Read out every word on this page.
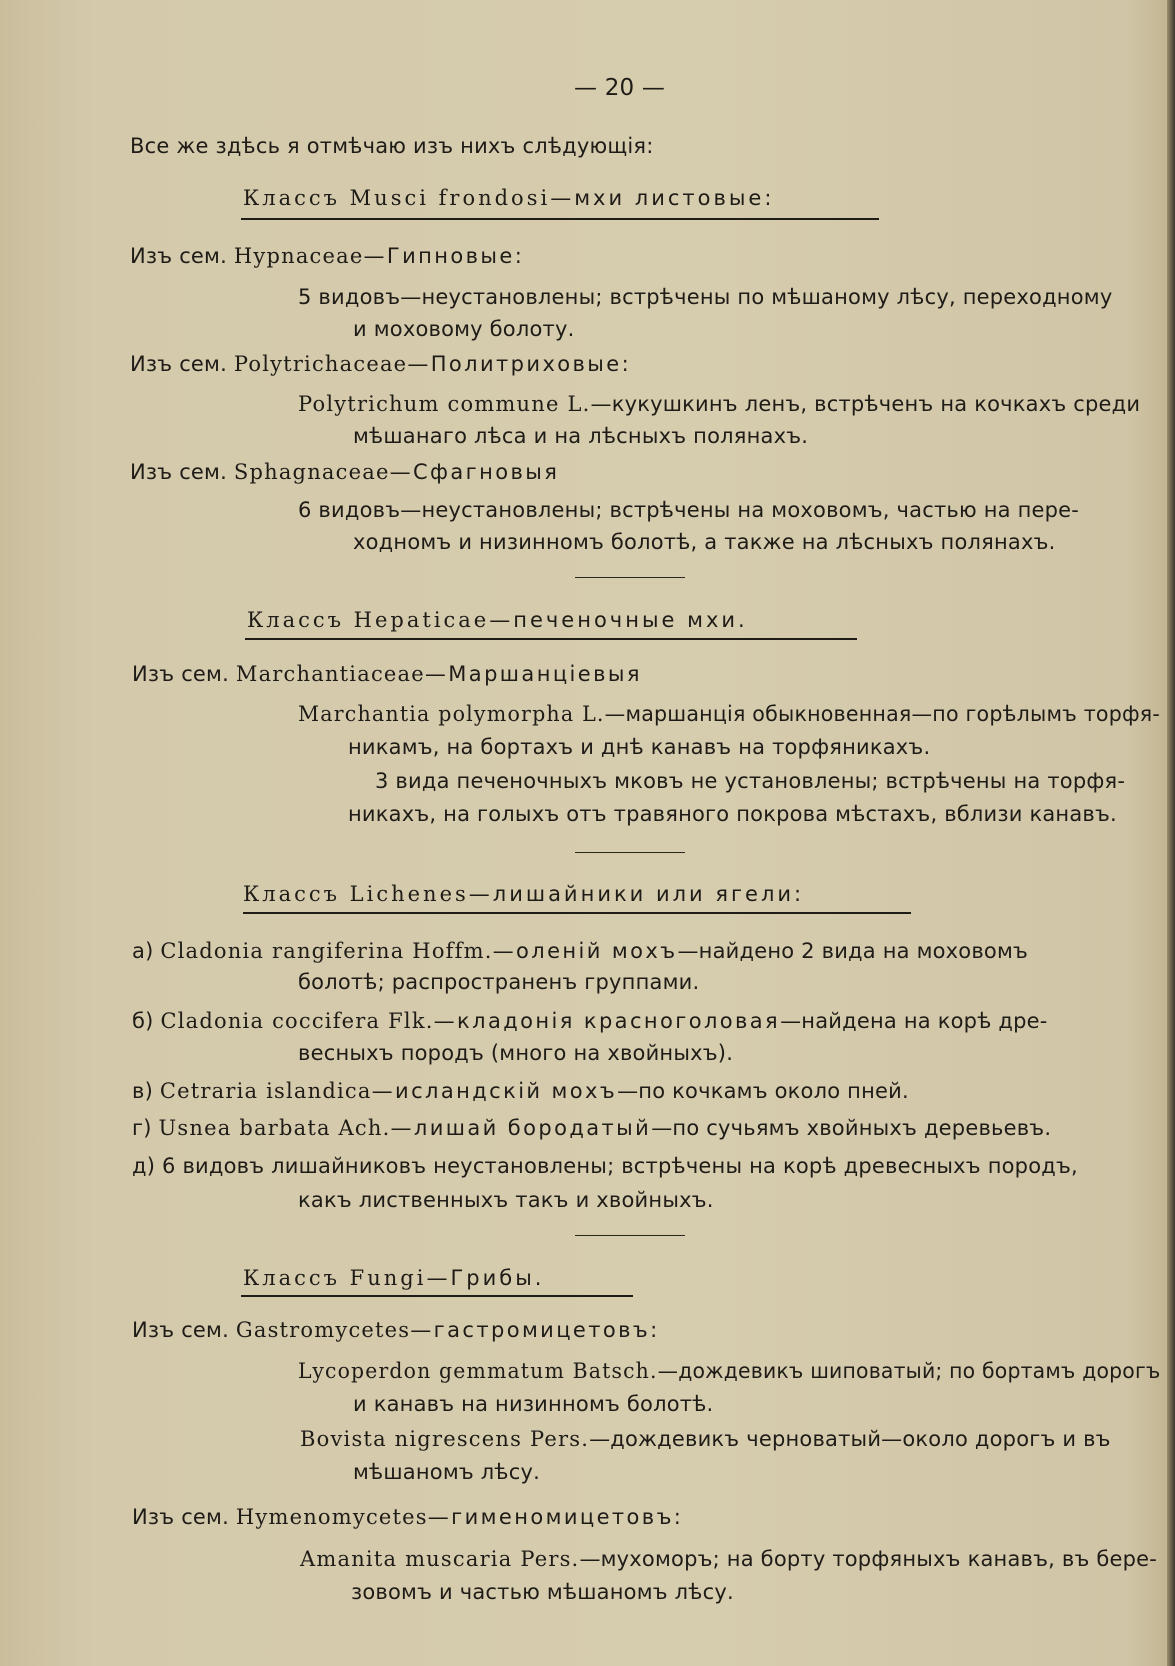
— 20 —
Все же здѣсь я отмѣчаю изъ нихъ слѣдующія:
Классъ Musci frondosi—мхи листовые:
Изъ сем. Hypnaceae—Гипновые:
5 видовъ—неустановлены; встрѣчены по мѣшаному лѣсу, переходному
и моховому болоту.
Изъ сем. Polytrichaceae—Политриховые:
Polytrichum commune L.—кукушкинъ ленъ, встрѣченъ на кочкахъ среди
мѣшанаго лѣса и на лѣсныхъ полянахъ.
Изъ сем. Sphagnaceae—Сфагновыя
6 видовъ—неустановлены; встрѣчены на моховомъ, частью на пере-
ходномъ и низинномъ болотѣ, а также на лѣсныхъ полянахъ.
Классъ Hepaticae—печеночные мхи.
Изъ сем. Marchantiaceae—Маршанцiевыя
Marchantia polymorpha L.—маршанція обыкновенная—по горѣлымъ торфя-
никамъ, на бортахъ и днѣ канавъ на торфяникахъ.
3 вида печеночныхъ мковъ не установлены; встрѣчены на торфя-
никахъ, на голыхъ отъ травяного покрова мѣстахъ, вблизи канавъ.
Классъ Lichenes—лишайники или ягели:
а) Cladonia rangiferina Hoffm.—оленій мохъ—найдено 2 вида на моховомъ
болотѣ; распространенъ группами.
б) Cladonia coccifera Flk.—кладонія красноголовая—найдена на корѣ дре-
весныхъ породъ (много на хвойныхъ).
в) Cetraria islandica—исландскій мохъ—по кочкамъ около пней.
г) Usnea barbata Ach.—лишай бородатый—по сучьямъ хвойныхъ деревьевъ.
д) 6 видовъ лишайниковъ неустановлены; встрѣчены на корѣ древесныхъ породъ,
какъ лиственныхъ такъ и хвойныхъ.
Классъ Fungi—Грибы.
Изъ сем. Gastromycetes—гастромицетовъ:
Lycoperdon gemmatum Batsch.—дождевикъ шиповатый; по бортамъ дорогъ
и канавъ на низинномъ болотѣ.
Bovista nigrescens Pers.—дождевикъ черноватый—около дорогъ и въ
мѣшаномъ лѣсу.
Изъ сем. Hymenomycetes—гименомицетовъ:
Amanita muscaria Pers.—мухоморъ; на борту торфяныхъ канавъ, въ бере-
зовомъ и частью мѣшаномъ лѣсу.
